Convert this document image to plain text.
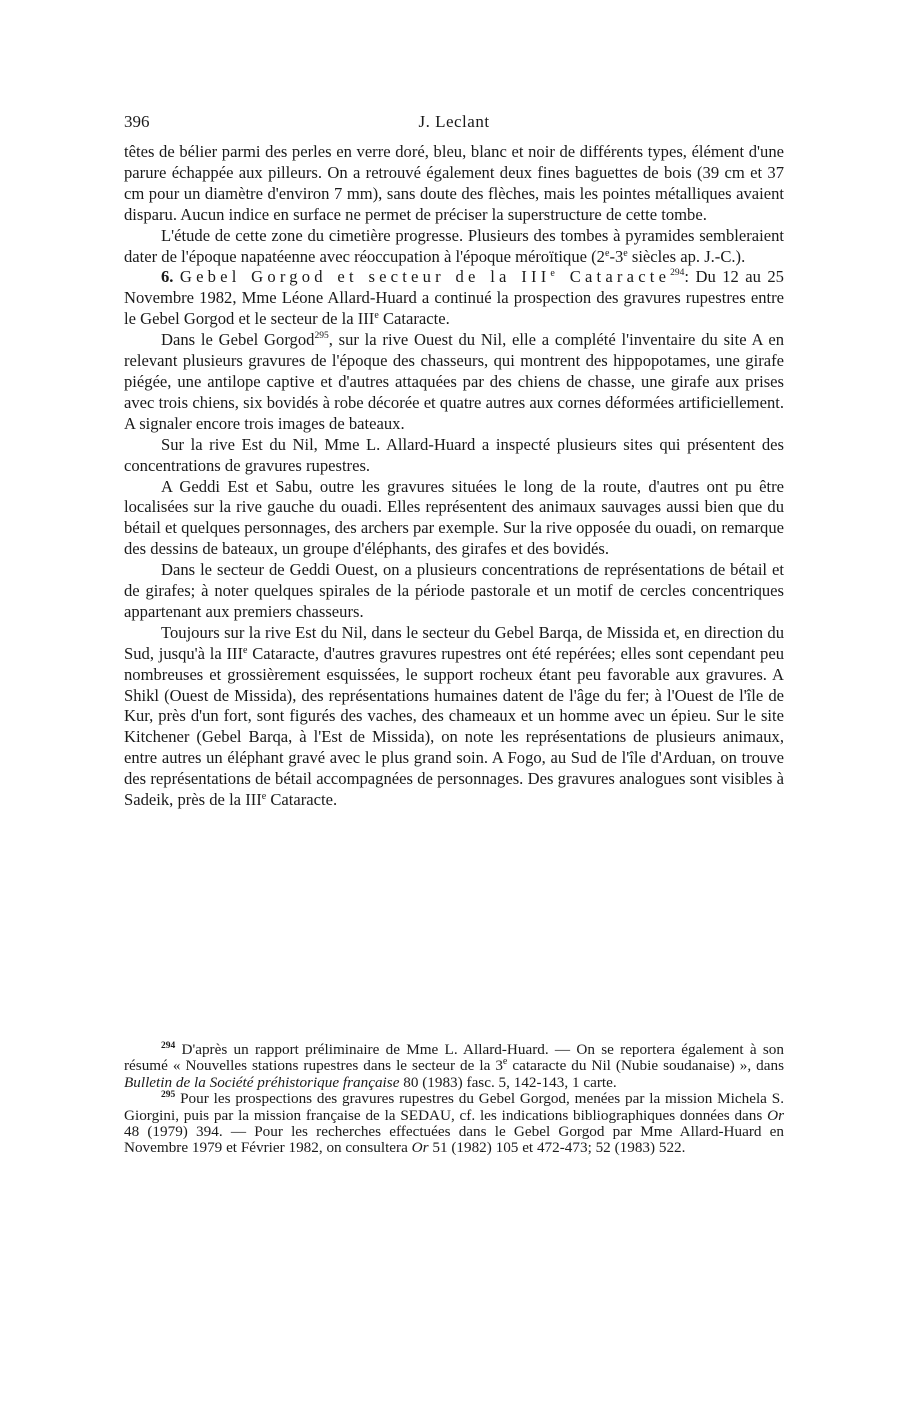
396	J. Leclant

têtes de bélier parmi des perles en verre doré, bleu, blanc et noir de différents types, élément d'une parure échappée aux pilleurs. On a retrouvé également deux fines baguettes de bois (39 cm et 37 cm pour un diamètre d'environ 7 mm), sans doute des flèches, mais les pointes métalliques avaient disparu. Aucun indice en surface ne permet de préciser la superstructure de cette tombe.

L'étude de cette zone du cimetière progresse. Plusieurs des tombes à pyramides sembleraient dater de l'époque napatéenne avec réoccupation à l'époque méroïtique (2e-3e siècles ap. J.-C.).

6. Gebel Gorgod et secteur de la IIIe Cataracte$^{294}$: Du 12 au 25 Novembre 1982, Mme Léone Allard-Huard a continué la prospection des gravures rupestres entre le Gebel Gorgod et le secteur de la IIIe Cataracte.

Dans le Gebel Gorgod$^{295}$, sur la rive Ouest du Nil, elle a complété l'inventaire du site A en relevant plusieurs gravures de l'époque des chasseurs, qui montrent des hippopotames, une girafe piégée, une antilope captive et d'autres attaquées par des chiens de chasse, une girafe aux prises avec trois chiens, six bovidés à robe décorée et quatre autres aux cornes déformées artificiellement. A signaler encore trois images de bateaux.

Sur la rive Est du Nil, Mme L. Allard-Huard a inspecté plusieurs sites qui présentent des concentrations de gravures rupestres.

A Geddi Est et Sabu, outre les gravures situées le long de la route, d'autres ont pu être localisées sur la rive gauche du ouadi. Elles représentent des animaux sauvages aussi bien que du bétail et quelques personnages, des archers par exemple. Sur la rive opposée du ouadi, on remarque des dessins de bateaux, un groupe d'éléphants, des girafes et des bovidés.

Dans le secteur de Geddi Ouest, on a plusieurs concentrations de représentations de bétail et de girafes; à noter quelques spirales de la période pastorale et un motif de cercles concentriques appartenant aux premiers chasseurs.

Toujours sur la rive Est du Nil, dans le secteur du Gebel Barqa, de Missida et, en direction du Sud, jusqu'à la IIIe Cataracte, d'autres gravures rupestres ont été repérées; elles sont cependant peu nombreuses et grossièrement esquissées, le support rocheux étant peu favorable aux gravures. A Shikl (Ouest de Missida), des représentations humaines datent de l'âge du fer; à l'Ouest de l'île de Kur, près d'un fort, sont figurés des vaches, des chameaux et un homme avec un épieu. Sur le site Kitchener (Gebel Barqa, à l'Est de Missida), on note les représentations de plusieurs animaux, entre autres un éléphant gravé avec le plus grand soin. A Fogo, au Sud de l'île d'Arduan, on trouve des représentations de bétail accompagnées de personnages. Des gravures analogues sont visibles à Sadeik, près de la IIIe Cataracte.

$^{294}$ D'après un rapport préliminaire de Mme L. Allard-Huard. — On se reportera également à son résumé « Nouvelles stations rupestres dans le secteur de la 3e cataracte du Nil (Nubie soudanaise) », dans Bulletin de la Société préhistorique française 80 (1983) fasc. 5, 142-143, 1 carte.

$^{295}$ Pour les prospections des gravures rupestres du Gebel Gorgod, menées par la mission Michela S. Giorgini, puis par la mission française de la SEDAU, cf. les indications bibliographiques données dans Or 48 (1979) 394. — Pour les recherches effectuées dans le Gebel Gorgod par Mme Allard-Huard en Novembre 1979 et Février 1982, on consultera Or 51 (1982) 105 et 472-473; 52 (1983) 522.
